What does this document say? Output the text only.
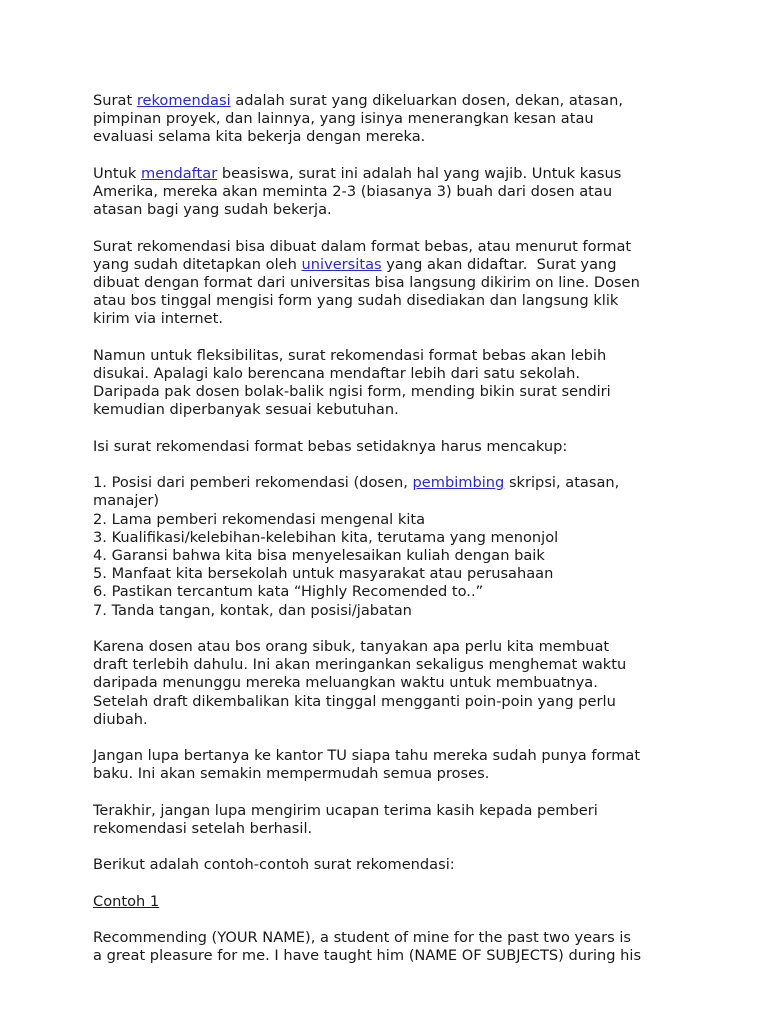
Surat rekomendasi adalah surat yang dikeluarkan dosen, dekan, atasan,
pimpinan proyek, dan lainnya, yang isinya menerangkan kesan atau
evaluasi selama kita bekerja dengan mereka.

Untuk mendaftar beasiswa, surat ini adalah hal yang wajib. Untuk kasus
Amerika, mereka akan meminta 2-3 (biasanya 3) buah dari dosen atau
atasan bagi yang sudah bekerja.

Surat rekomendasi bisa dibuat dalam format bebas, atau menurut format
yang sudah ditetapkan oleh universitas yang akan didaftar.  Surat yang
dibuat dengan format dari universitas bisa langsung dikirim on line. Dosen
atau bos tinggal mengisi form yang sudah disediakan dan langsung klik
kirim via internet.

Namun untuk fleksibilitas, surat rekomendasi format bebas akan lebih
disukai. Apalagi kalo berencana mendaftar lebih dari satu sekolah.
Daripada pak dosen bolak-balik ngisi form, mending bikin surat sendiri
kemudian diperbanyak sesuai kebutuhan.

Isi surat rekomendasi format bebas setidaknya harus mencakup:

1. Posisi dari pemberi rekomendasi (dosen, pembimbing skripsi, atasan,
manajer)
2. Lama pemberi rekomendasi mengenal kita
3. Kualifikasi/kelebihan-kelebihan kita, terutama yang menonjol
4. Garansi bahwa kita bisa menyelesaikan kuliah dengan baik
5. Manfaat kita bersekolah untuk masyarakat atau perusahaan
6. Pastikan tercantum kata “Highly Recomended to..”
7. Tanda tangan, kontak, dan posisi/jabatan

Karena dosen atau bos orang sibuk, tanyakan apa perlu kita membuat
draft terlebih dahulu. Ini akan meringankan sekaligus menghemat waktu
daripada menunggu mereka meluangkan waktu untuk membuatnya.
Setelah draft dikembalikan kita tinggal mengganti poin-poin yang perlu
diubah.

Jangan lupa bertanya ke kantor TU siapa tahu mereka sudah punya format
baku. Ini akan semakin mempermudah semua proses.

Terakhir, jangan lupa mengirim ucapan terima kasih kepada pemberi
rekomendasi setelah berhasil.

Berikut adalah contoh-contoh surat rekomendasi:

Contoh 1

Recommending (YOUR NAME), a student of mine for the past two years is
a great pleasure for me. I have taught him (NAME OF SUBJECTS) during his
